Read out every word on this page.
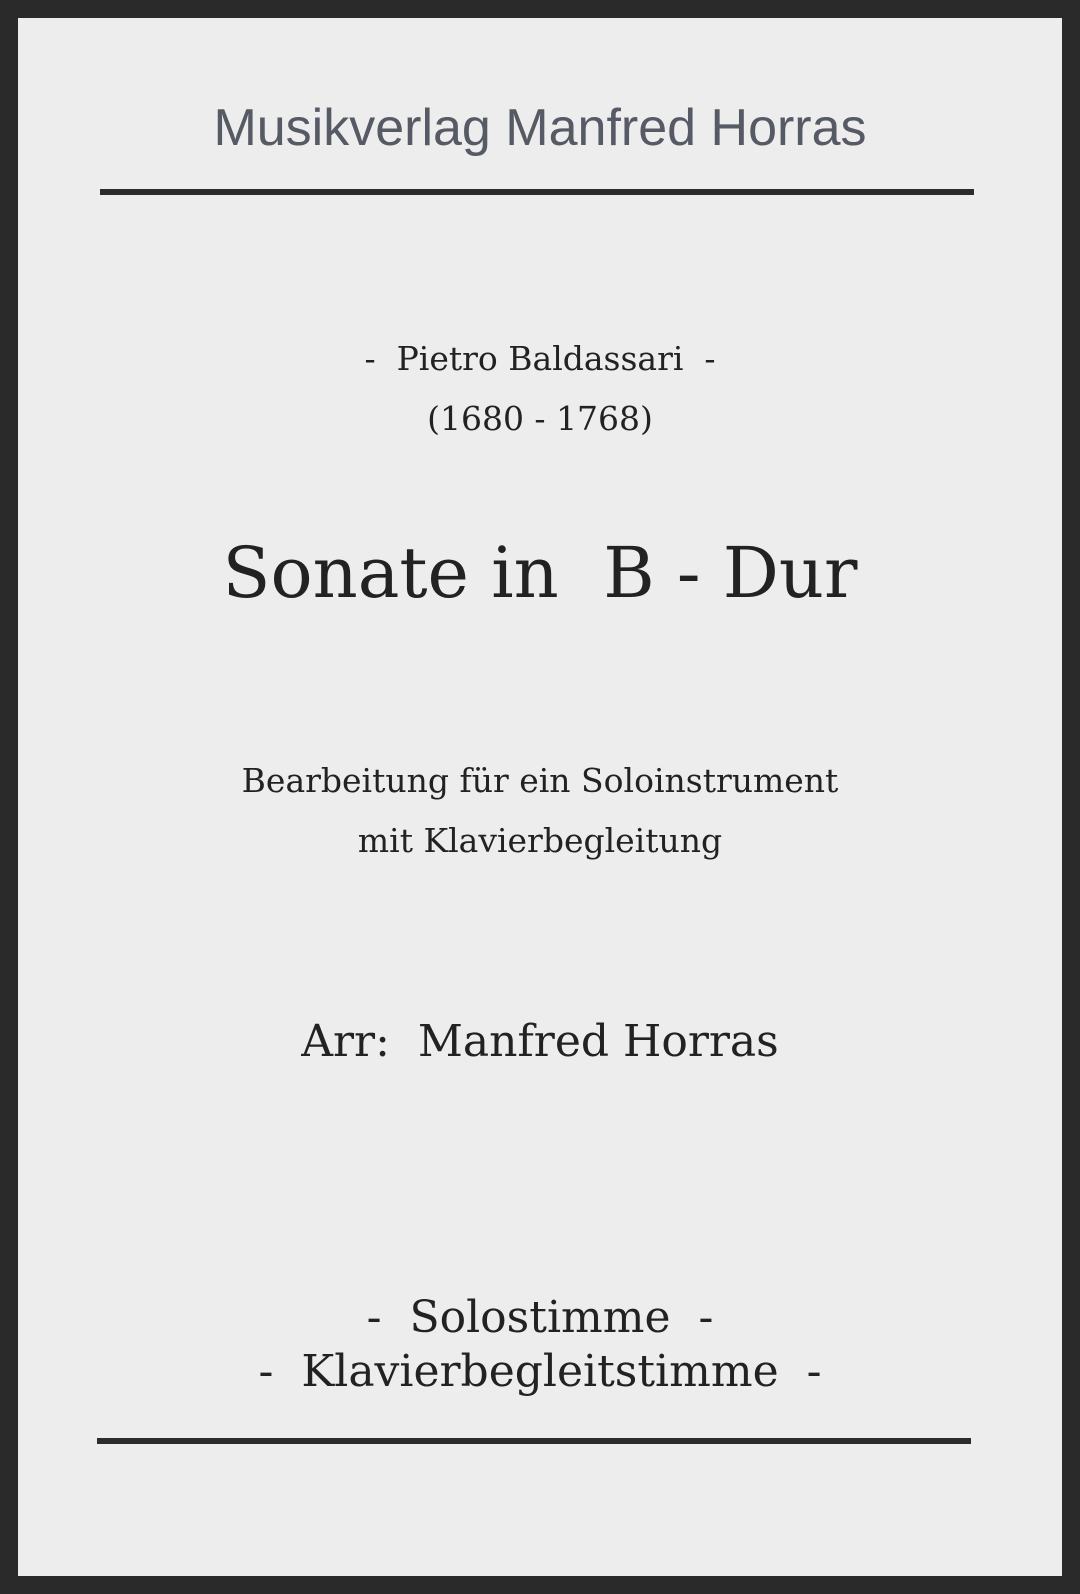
Musikverlag Manfred Horras
-  Pietro Baldassari  -
(1680 - 1768)
Sonate in  B - Dur
Bearbeitung für ein Soloinstrument
mit Klavierbegleitung
Arr:  Manfred Horras
-  Solostimme  -
-  Klavierbegleitstimme  -
